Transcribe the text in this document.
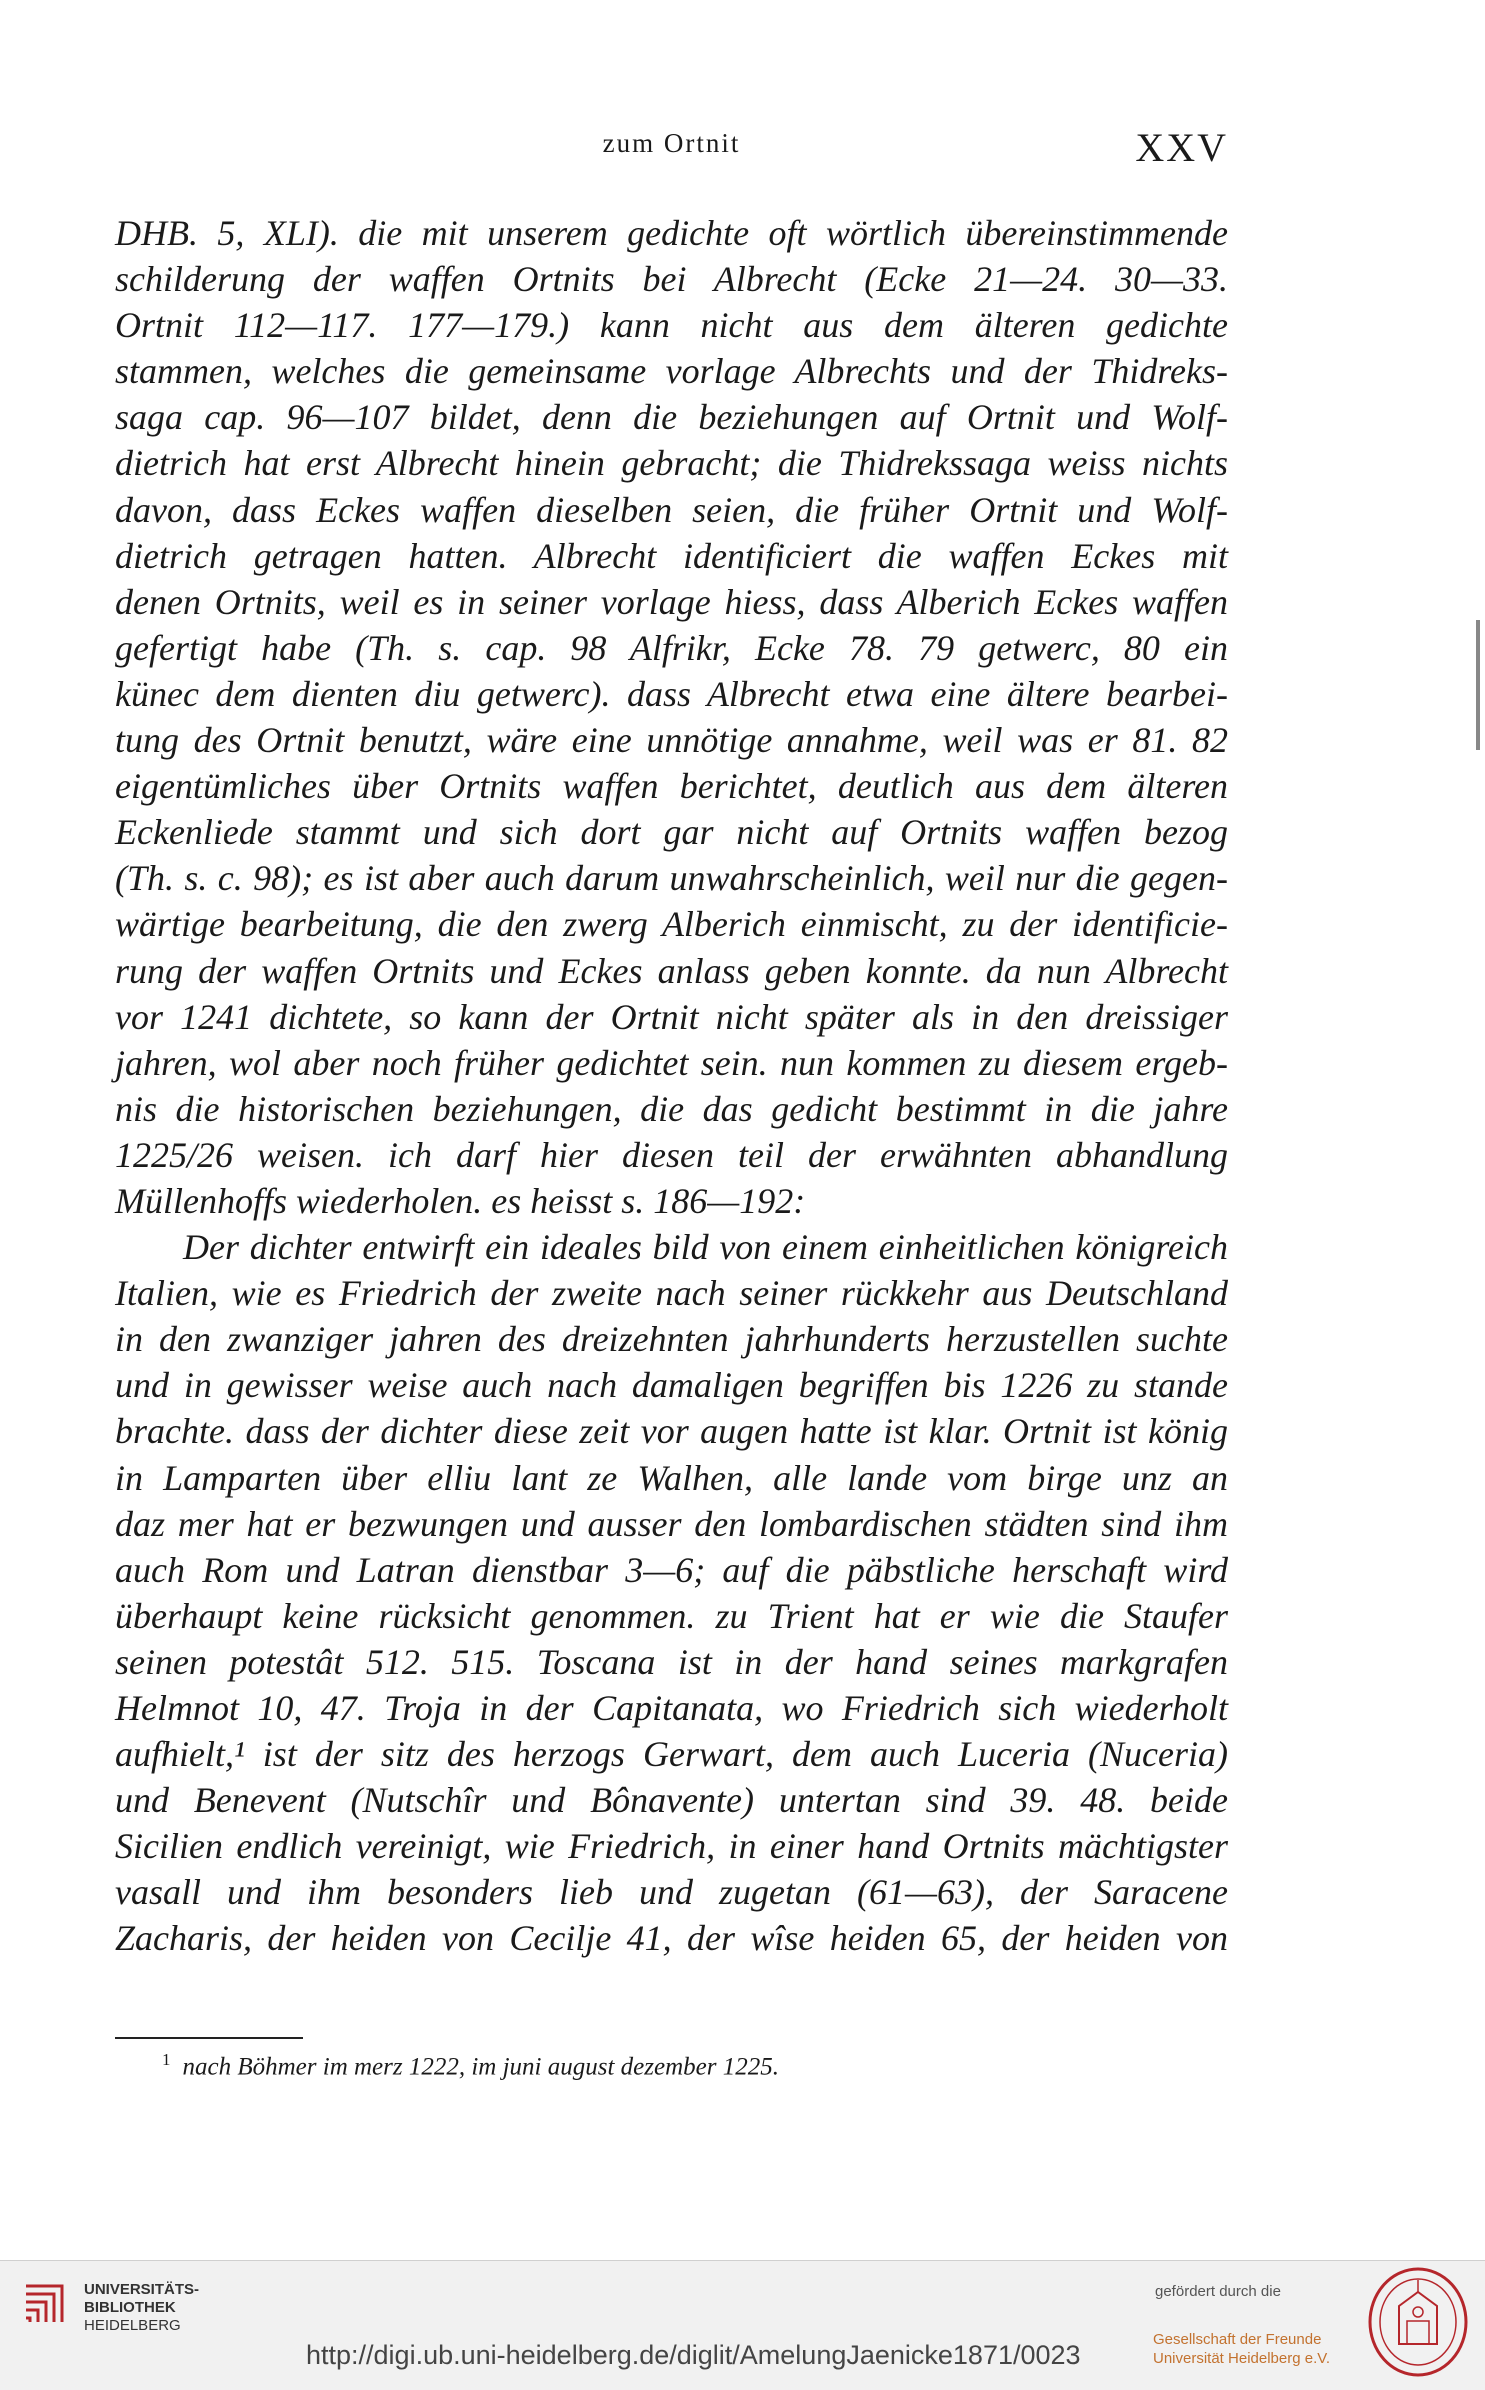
zum Ortnit	XXV
DHB. 5, XLI). die mit unserem gedichte oft wörtlich übereinstimmende
schilderung der waffen Ortnits bei Albrecht (Ecke 21—24. 30—33.
Ortnit 112—117. 177—179.) kann nicht aus dem älteren gedichte
stammen, welches die gemeinsame vorlage Albrechts und der Thidreks-
saga cap. 96—107 bildet, denn die beziehungen auf Ortnit und Wolf-
dietrich hat erst Albrecht hinein gebracht; die Thidrekssaga weiss nichts
davon, dass Eckes waffen dieselben seien, die früher Ortnit und Wolf-
dietrich getragen hatten. Albrecht identificiert die waffen Eckes mit
denen Ortnits, weil es in seiner vorlage hiess, dass Alberich Eckes waffen
gefertigt habe (Th. s. cap. 98 Alfrikr, Ecke 78. 79 getwerc, 80 ein
künec dem dienten diu getwerc). dass Albrecht etwa eine ältere bearbei-
tung des Ortnit benutzt, wäre eine unnötige annahme, weil was er 81. 82
eigentümliches über Ortnits waffen berichtet, deutlich aus dem älteren
Eckenliede stammt und sich dort gar nicht auf Ortnits waffen bezog
(Th. s. c. 98); es ist aber auch darum unwahrscheinlich, weil nur die gegen-
wärtige bearbeitung, die den zwerg Alberich einmischt, zu der identificie-
rung der waffen Ortnits und Eckes anlass geben konnte. da nun Albrecht
vor 1241 dichtete, so kann der Ortnit nicht später als in den dreissiger
jahren, wol aber noch früher gedichtet sein. nun kommen zu diesem ergeb-
nis die historischen beziehungen, die das gedicht bestimmt in die jahre
1225/26 weisen. ich darf hier diesen teil der erwähnten abhandlung
Müllenhoffs wiederholen. es heisst s. 186—192:
Der dichter entwirft ein ideales bild von einem einheitlichen königreich
Italien, wie es Friedrich der zweite nach seiner rückkehr aus Deutschland
in den zwanziger jahren des dreizehnten jahrhunderts herzustellen suchte
und in gewisser weise auch nach damaligen begriffen bis 1226 zu stande
brachte. dass der dichter diese zeit vor augen hatte ist klar. Ortnit ist könig
in Lamparten über elliu lant ze Walhen, alle lande vom birge unz an
daz mer hat er bezwungen und ausser den lombardischen städten sind ihm
auch Rom und Latran dienstbar 3—6; auf die päbstliche herschaft wird
überhaupt keine rücksicht genommen. zu Trient hat er wie die Staufer
seinen potestât 512. 515. Toscana ist in der hand seines markgrafen
Helmnot 10, 47. Troja in der Capitanata, wo Friedrich sich wiederholt
aufhielt,¹ ist der sitz des herzogs Gerwart, dem auch Luceria (Nuceria)
und Benevent (Nutschîr und Bônavente) untertan sind 39. 48. beide
Sicilien endlich vereinigt, wie Friedrich, in einer hand Ortnits mächtigster
vasall und ihm besonders lieb und zugetan (61—63), der Saracene
Zacharis, der heiden von Cecilje 41, der wîse heiden 65, der heiden von
$^1$ nach Böhmer im merz 1222, im juni august dezember 1225.
UNIVERSITÄTS-
BIBLIOTHEK
HEIDELBERG
http://digi.ub.uni-heidelberg.de/diglit/AmelungJaenicke1871/0023
gefördert durch die
Gesellschaft der Freunde
Universität Heidelberg e.V.
